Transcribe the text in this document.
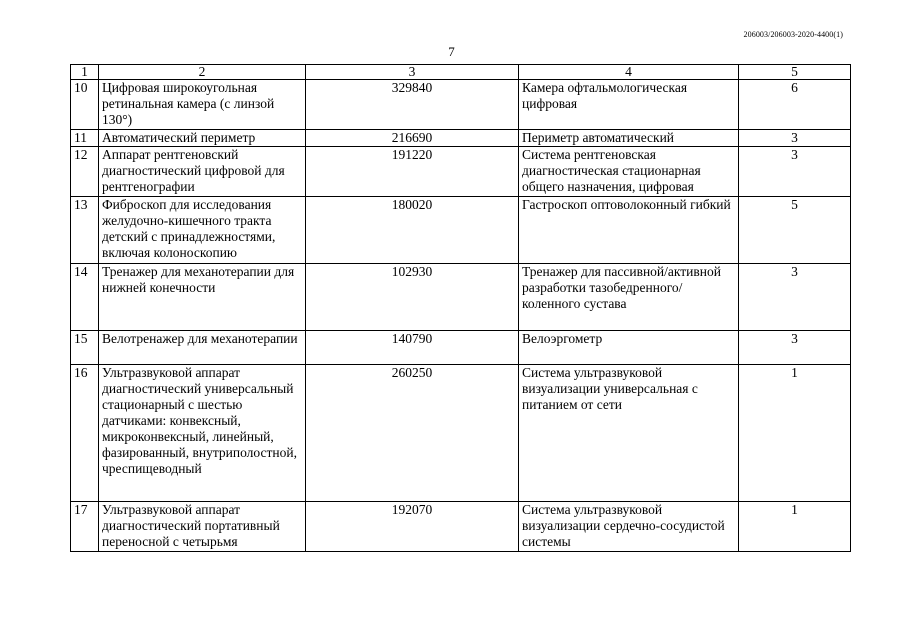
206003/206003-2020-4400(1)
7
1	2	3	4	5
10	Цифровая широкоугольная ретинальная камера (с линзой 130°)	329840	Камера офтальмологическая цифровая	6
11	Автоматический периметр	216690	Периметр автоматический	3
12	Аппарат рентгеновский диагностический цифровой для рентгенографии	191220	Система рентгеновская диагностическая стационарная общего назначения, цифровая	3
13	Фиброскоп для исследования желудочно-кишечного тракта детский с принадлежностями, включая колоноскопию	180020	Гастроскоп оптоволоконный гибкий	5
14	Тренажер для механотерапии для нижней конечности	102930	Тренажер для пассивной/активной разработки тазобедренного/ коленного сустава	3
15	Велотренажер для механотерапии	140790	Велоэргометр	3
16	Ультразвуковой аппарат диагностический универсальный стационарный с шестью датчиками: конвексный, микроконвексный, линейный, фазированный, внутриполостной, чреспищеводный	260250	Система ультразвуковой визуализации универсальная с питанием от сети	1
17	Ультразвуковой аппарат диагностический портативный переносной с четырьмя	192070	Система ультразвуковой визуализации сердечно-сосудистой системы	1
